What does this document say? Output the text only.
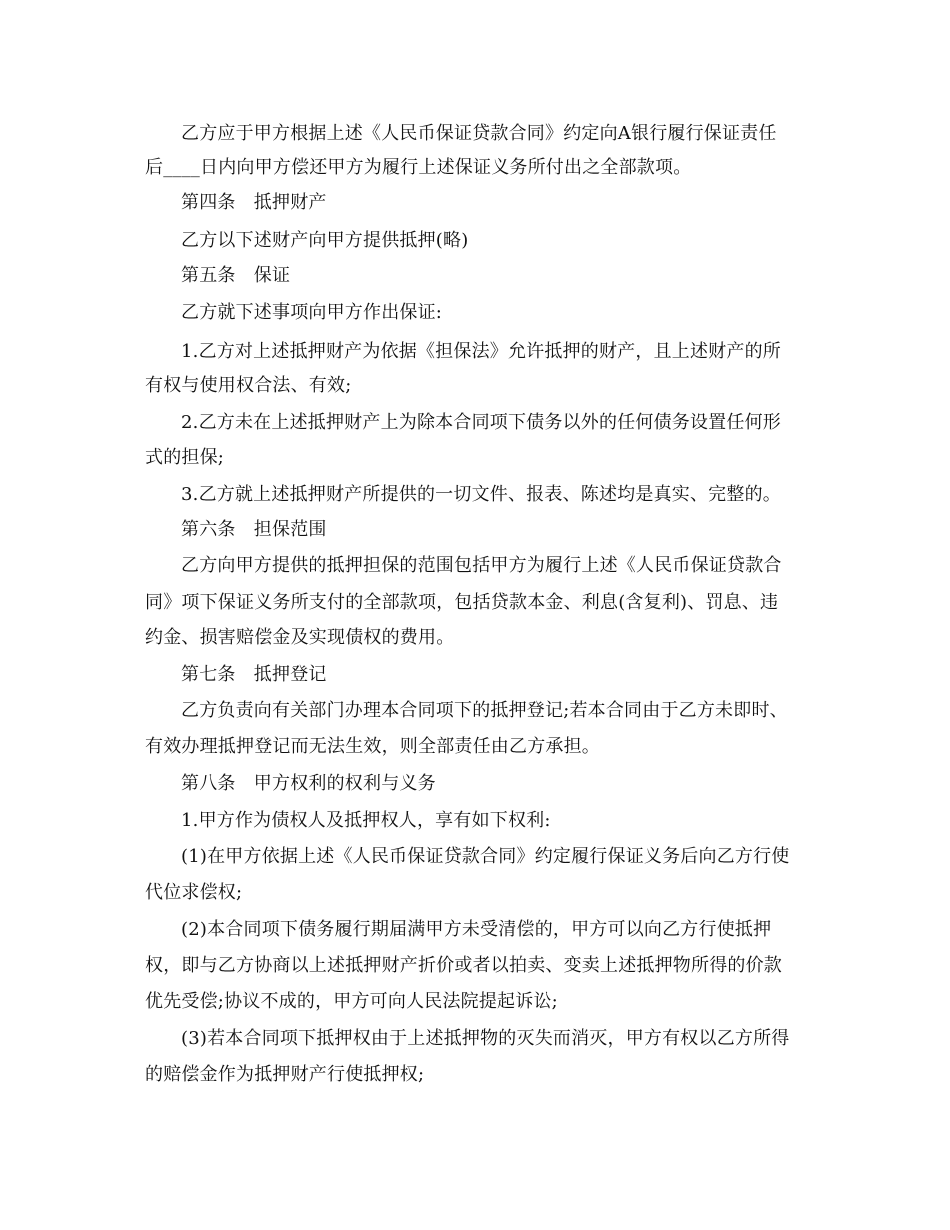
乙方应于甲方根据上述《人民币保证贷款合同》约定向A银行履行保证责任
后____日内向甲方偿还甲方为履行上述保证义务所付出之全部款项。
第四条　抵押财产
乙方以下述财产向甲方提供抵押(略)
第五条　保证
乙方就下述事项向甲方作出保证:
1.乙方对上述抵押财产为依据《担保法》允许抵押的财产，且上述财产的所
有权与使用权合法、有效;
2.乙方未在上述抵押财产上为除本合同项下债务以外的任何债务设置任何形
式的担保;
3.乙方就上述抵押财产所提供的一切文件、报表、陈述均是真实、完整的。
第六条　担保范围
乙方向甲方提供的抵押担保的范围包括甲方为履行上述《人民币保证贷款合
同》项下保证义务所支付的全部款项，包括贷款本金、利息(含复利)、罚息、违
约金、损害赔偿金及实现债权的费用。
第七条　抵押登记
乙方负责向有关部门办理本合同项下的抵押登记;若本合同由于乙方未即时、
有效办理抵押登记而无法生效，则全部责任由乙方承担。
第八条　甲方权利的权利与义务
1.甲方作为债权人及抵押权人，享有如下权利:
(1)在甲方依据上述《人民币保证贷款合同》约定履行保证义务后向乙方行使
代位求偿权;
(2)本合同项下债务履行期届满甲方未受清偿的，甲方可以向乙方行使抵押
权，即与乙方协商以上述抵押财产折价或者以拍卖、变卖上述抵押物所得的价款
优先受偿;协议不成的，甲方可向人民法院提起诉讼;
(3)若本合同项下抵押权由于上述抵押物的灭失而消灭，甲方有权以乙方所得
的赔偿金作为抵押财产行使抵押权;
